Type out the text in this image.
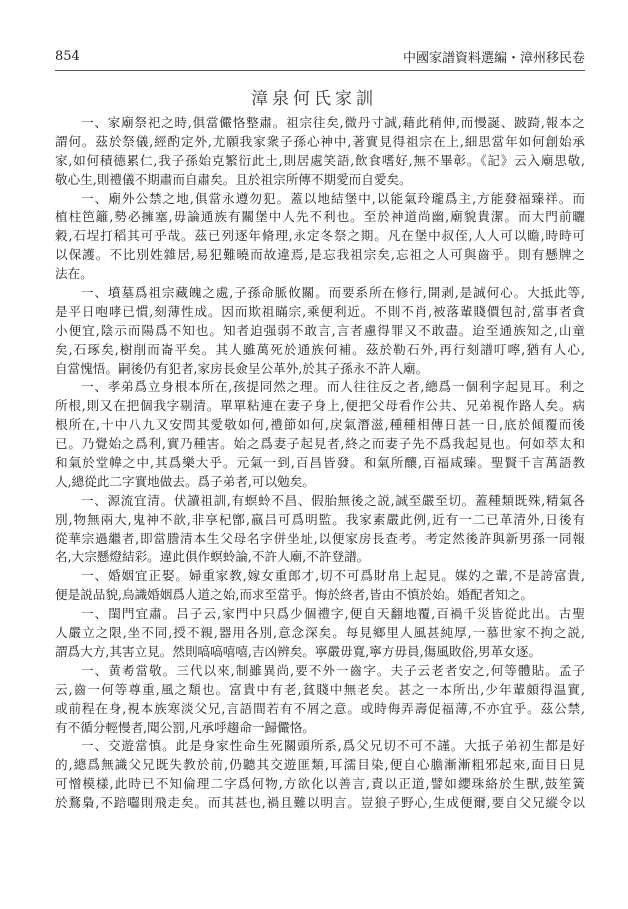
854	中國家譜資料選編・漳州移民卷
漳泉何氏家訓
一、家廟祭祀之時,俱當儼恪整肅。祖宗往矣,微丹寸誠,藉此稍伸,而慢誕、跛踦,報本之
謂何。茲於祭儀,經酌定外,尤願我家衆子孫心神中,著實見得祖宗在上,細思當年如何創始承
家,如何積德累仁,我子孫始克繁衍此土,則居處笑語,飲食嗜好,無不畢彰。《記》云入廟思敬,
敬心生,則禮儀不期肅而自肅矣。且於祖宗所傳不期愛而自愛矣。
一、廟外公禁之地,俱當永遵勿犯。蓋以地結堡中,以能氣玲瓏爲主,方能發福臻祥。而
植柱笆籬,勢必擁塞,毋論通族有關堡中人先不利也。至於神道尚幽,廟貌貴潔。而大門前曬
穀,石埕打稻其可乎哉。茲已列逐年脩理,永定冬祭之期。凡在堡中叔侄,人人可以瞻,時時可
以保護。不比別姓雜居,易犯難曉而故違焉,是忘我祖宗矣,忘祖之人可與齒乎。則有懸牌之
法在。
一、墳墓爲祖宗藏魄之處,子孫命脈攸關。而要系所在修行,開剥,是誠何心。大抵此等,
是平日咆哮已慣,刻薄性成。因而欺祖瞞宗,乘便利近。不則不肖,被落輩賤價包討,當事者貪
小便宜,陰示而陽爲不知也。知者迫强弱不敢言,言者慮得罪又不敢盡。迨至通族知之,山童
矣,石琢矣,樹削而崙平矣。其人雖萬死於通族何補。茲於勒石外,再行刻譜叮嚀,猶有人心,
自當愧悟。嗣後仍有犯者,家房長僉呈公革外,於其子孫永不許人廟。
一、孝弟爲立身根本所在,孩提同然之理。而人往往反之者,總爲一個利字起見耳。利之
所根,則又在把個我字剔清。單單粘連在妻子身上,便把父母看作公共、兄弟視作路人矣。病
根所在,十中八九又安問其愛敬如何,禮節如何,戾氣潛滋,種種相傳日甚一日,底於傾覆而後
已。乃覺始之爲利,實乃種害。始之爲妻子起見者,終之而妻子先不爲我起見也。何如萃太和
和氣於堂幃之中,其爲樂大乎。元氣一到,百昌皆發。和氣所釀,百福咸臻。聖賢千言萬語教
人,總從此二字實地做去。爲子弟者,可以勉矣。
一、源流宜清。伏讀祖訓,有螟蛉不昌、假胎無後之説,誠至嚴至切。蓋種類既殊,精氣各
別,物無兩大,鬼神不歆,非享杞鄫,嬴吕可爲明監。我家素嚴此例,近有一二已革清外,日後有
從華宗過繼者,即當謄清本生父母名字併坐址,以便家房長查考。考定然後許與新男孫一同報
名,大宗懸燈結彩。違此俱作螟蛉論,不許人廟,不許登譜。
一、婚姻宜正娶。婦重家教,嫁女重郎才,切不可爲財帛上起見。媒妁之輩,不是誇富貴,
便是説品貌,烏識婚姻爲人道之始,而求至當乎。悔於終者,皆由不慎於始。婚配者知之。
一、閨門宜肅。吕子云,家門中只爲少個禮字,便自天翻地覆,百禍千災皆從此出。古聖
人嚴立之限,坐不同,授不親,器用各別,意念深矣。每見鄉里人風甚純厚,一慕世家不拘之説,
謂爲大方,其害立見。然則嗃嗃嘻嘻,吉凶辨矣。寧嚴毋寬,寧方毋員,傷風敗俗,男革女逐。
一、黄耇當敬。三代以來,制雖異尚,要不外一齒字。夫子云老者安之,何等體貼。孟子
云,齒一何等尊重,風之頽也。富貴中有老,貧賤中無老矣。甚之一本所出,少年輩頗得温實,
或前程在身,視本族寒淡父兄,言語間若有不屑之意。或時侮弄壽促福薄,不亦宜乎。茲公禁,
有不循分輕慢者,聞公罰,凡承呼趨命一歸儼恪。
一、交遊當慎。此是身家性命生死關頭所系,爲父兄切不可不謹。大抵子弟初生都是好
的,總爲無識父兄既失教於前,仍聽其交遊匪類,耳濡目染,便自心膽漸漸粗邪起來,面目日見
可憎模樣,此時已不知倫理二字爲何物,方欲化以善言,責以正道,譬如纓珠絡於生獸,鼓笙簧
於鶩梟,不踣囓則飛走矣。而其甚也,禍且難以明言。豈狼子野心,生成便爾,要自父兄縱令以
